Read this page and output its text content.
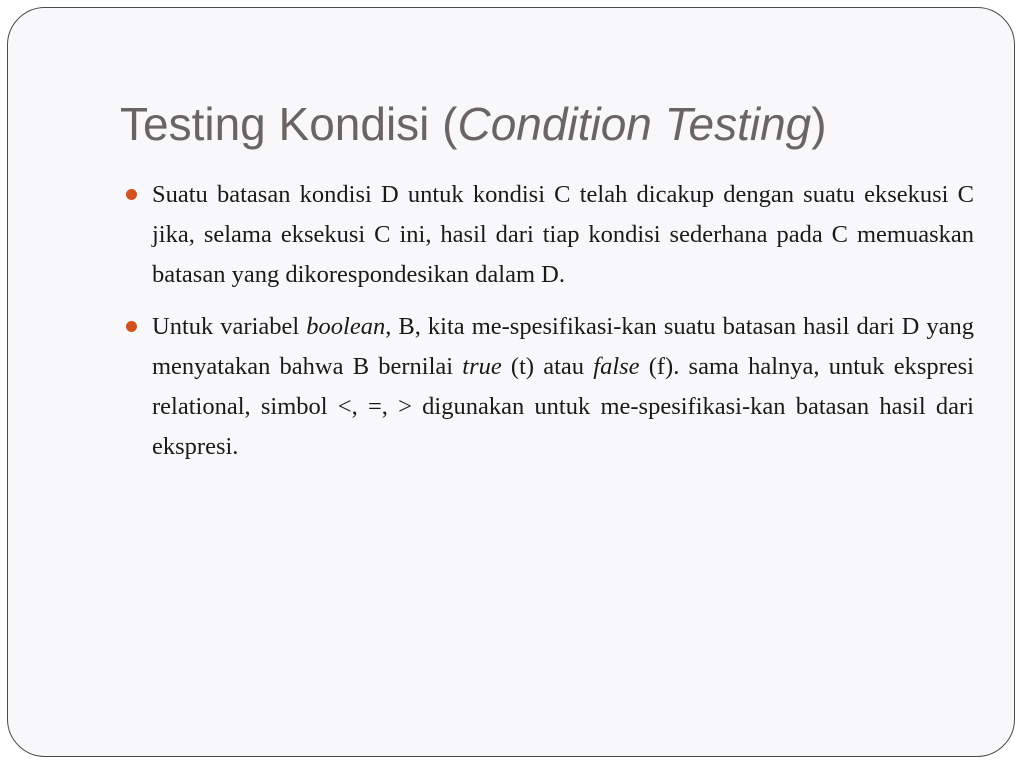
Testing Kondisi (Condition Testing)
Suatu batasan kondisi D untuk kondisi C telah dicakup dengan suatu eksekusi C jika, selama eksekusi C ini, hasil dari tiap kondisi sederhana pada C memuaskan batasan yang dikorespondesikan dalam D.
Untuk variabel boolean, B, kita me-spesifikasi-kan suatu batasan hasil dari D yang menyatakan bahwa B bernilai true (t) atau false (f). sama halnya, untuk ekspresi relational, simbol <, =, > digunakan untuk me-spesifikasi-kan batasan hasil dari ekspresi.
